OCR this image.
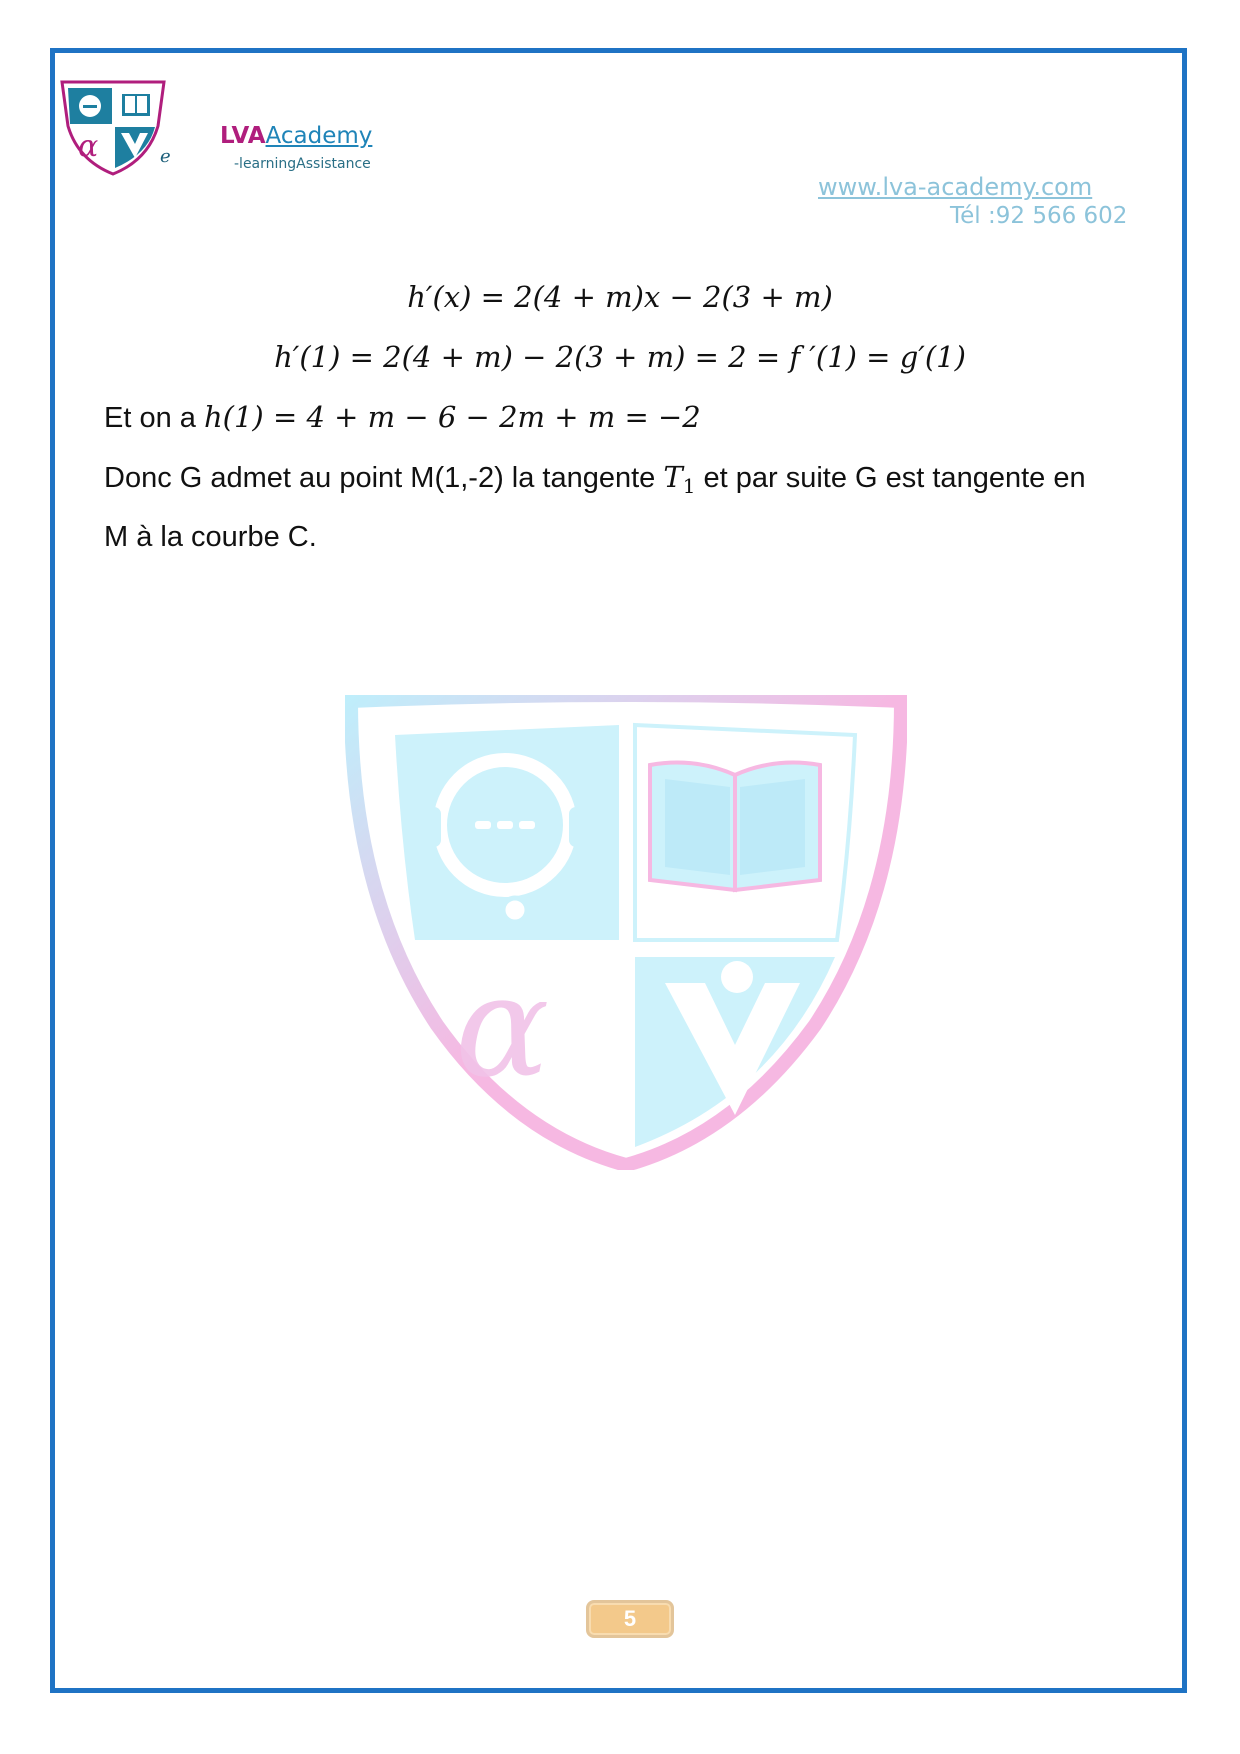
α	e
LVAAcademy
-learningAssistance
www.lva-academy.com
Tél :92 566 602
α
h′(x) = 2(4 + m)x − 2(3 + m)
h′(1) = 2(4 + m) − 2(3 + m) = 2 = f ′(1) = g′(1)
Et on a h(1) = 4 + m − 6 − 2m + m = −2
Donc G admet au point M(1,-2) la tangente $T_1$ et par suite G est tangente en
M à la courbe C.
5
